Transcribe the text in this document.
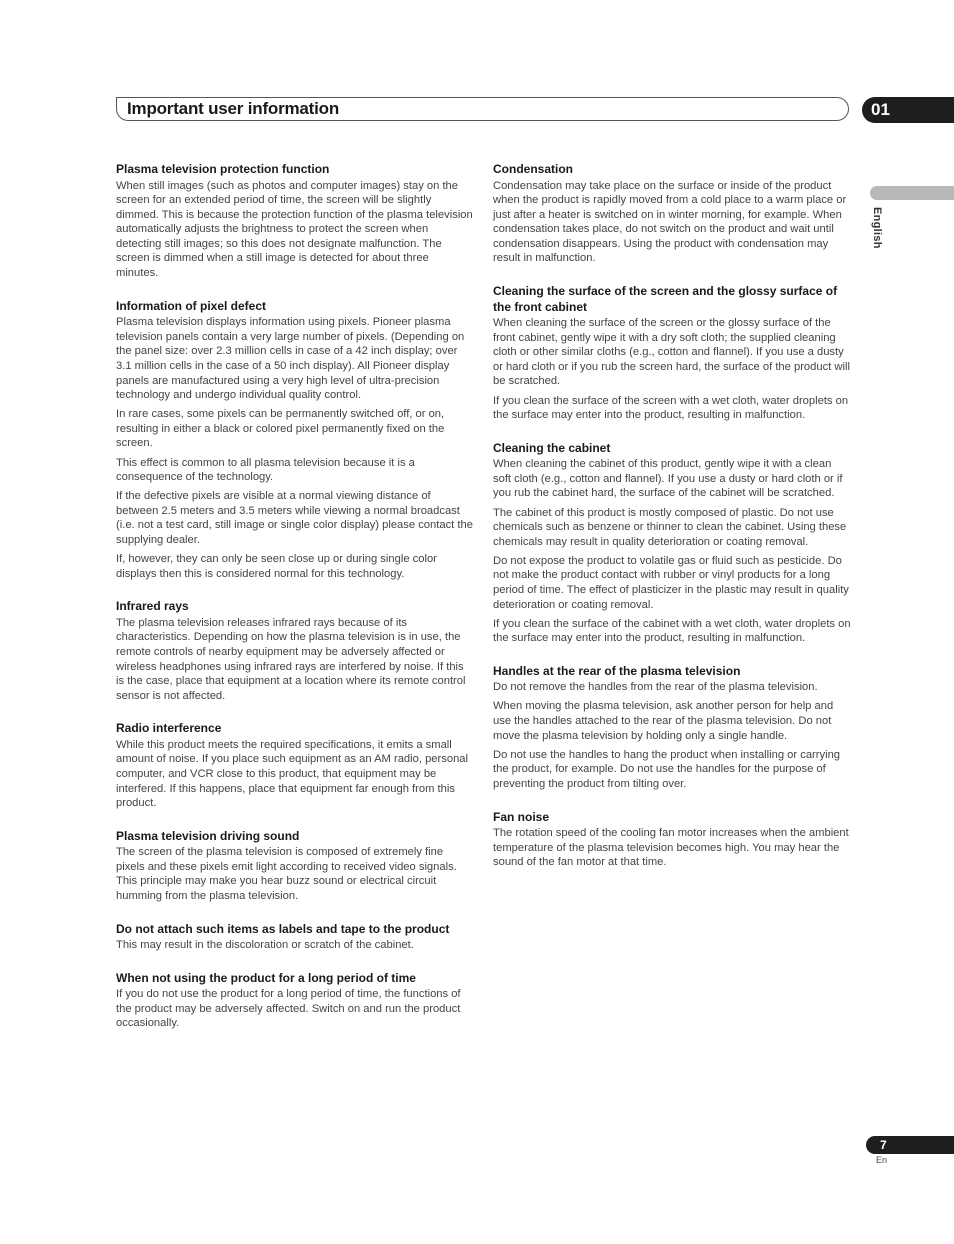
Important user information	01
English
Plasma television protection function

When still images (such as photos and computer images) stay on the screen for an extended period of time, the screen will be slightly dimmed. This is because the protection function of the plasma television automatically adjusts the brightness to protect the screen when detecting still images; so this does not designate malfunction. The screen is dimmed when a still image is detected for about three minutes.

Information of pixel defect

Plasma television displays information using pixels. Pioneer plasma television panels contain a very large number of pixels. (Depending on the panel size: over 2.3 million cells in case of a 42 inch display; over 3.1 million cells in the case of a 50 inch display). All Pioneer display panels are manufactured using a very high level of ultra-precision technology and undergo individual quality control.

In rare cases, some pixels can be permanently switched off, or on, resulting in either a black or colored pixel permanently fixed on the screen.

This effect is common to all plasma television because it is a consequence of the technology.

If the defective pixels are visible at a normal viewing distance of between 2.5 meters and 3.5 meters while viewing a normal broadcast (i.e. not a test card, still image or single color display) please contact the supplying dealer.

If, however, they can only be seen close up or during single color displays then this is considered normal for this technology.

Infrared rays

The plasma television releases infrared rays because of its characteristics. Depending on how the plasma television is in use, the remote controls of nearby equipment may be adversely affected or wireless headphones using infrared rays are interfered by noise. If this is the case, place that equipment at a location where its remote control sensor is not affected.

Radio interference

While this product meets the required specifications, it emits a small amount of noise. If you place such equipment as an AM radio, personal computer, and VCR close to this product, that equipment may be interfered. If this happens, place that equipment far enough from this product.

Plasma television driving sound

The screen of the plasma television is composed of extremely fine pixels and these pixels emit light according to received video signals. This principle may make you hear buzz sound or electrical circuit humming from the plasma television.

Do not attach such items as labels and tape to the product

This may result in the discoloration or scratch of the cabinet.

When not using the product for a long period of time

If you do not use the product for a long period of time, the functions of the product may be adversely affected. Switch on and run the product occasionally.

Condensation

Condensation may take place on the surface or inside of the product when the product is rapidly moved from a cold place to a warm place or just after a heater is switched on in winter morning, for example. When condensation takes place, do not switch on the product and wait until condensation disappears. Using the product with condensation may result in malfunction.

Cleaning the surface of the screen and the glossy surface of the front cabinet

When cleaning the surface of the screen or the glossy surface of the front cabinet, gently wipe it with a dry soft cloth; the supplied cleaning cloth or other similar cloths (e.g., cotton and flannel). If you use a dusty or hard cloth or if you rub the screen hard, the surface of the product will be scratched.

If you clean the surface of the screen with a wet cloth, water droplets on the surface may enter into the product, resulting in malfunction.

Cleaning the cabinet

When cleaning the cabinet of this product, gently wipe it with a clean soft cloth (e.g., cotton and flannel). If you use a dusty or hard cloth or if you rub the cabinet hard, the surface of the cabinet will be scratched.

The cabinet of this product is mostly composed of plastic. Do not use chemicals such as benzene or thinner to clean the cabinet. Using these chemicals may result in quality deterioration or coating removal.

Do not expose the product to volatile gas or fluid such as pesticide. Do not make the product contact with rubber or vinyl products for a long period of time. The effect of plasticizer in the plastic may result in quality deterioration or coating removal.

If you clean the surface of the cabinet with a wet cloth, water droplets on the surface may enter into the product, resulting in malfunction.

Handles at the rear of the plasma television

Do not remove the handles from the rear of the plasma television.

When moving the plasma television, ask another person for help and use the handles attached to the rear of the plasma television. Do not move the plasma television by holding only a single handle.

Do not use the handles to hang the product when installing or carrying the product, for example. Do not use the handles for the purpose of preventing the product from tilting over.

Fan noise

The rotation speed of the cooling fan motor increases when the ambient temperature of the plasma television becomes high. You may hear the sound of the fan motor at that time.

7
En
